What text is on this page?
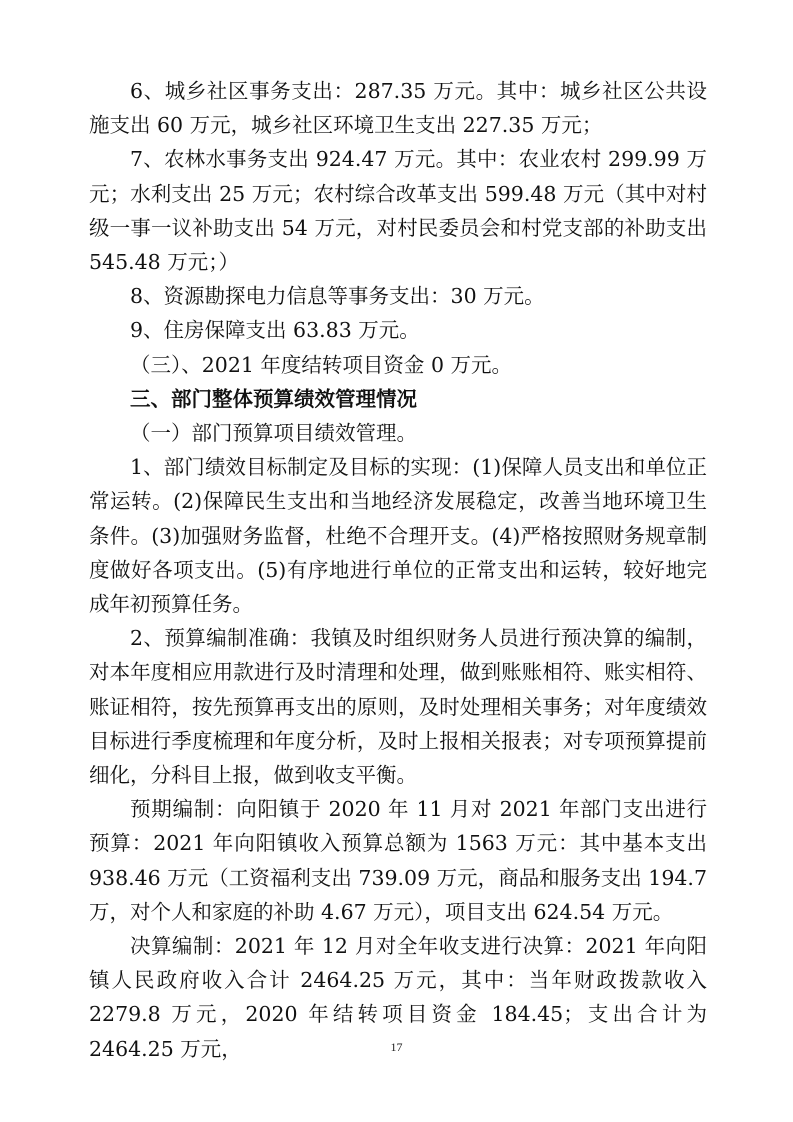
6、城乡社区事务支出：287.35 万元。其中：城乡社区公共设施支出 60 万元，城乡社区环境卫生支出 227.35 万元；

7、农林水事务支出 924.47 万元。其中：农业农村 299.99 万元；水利支出 25 万元；农村综合改革支出 599.48 万元（其中对村级一事一议补助支出 54 万元，对村民委员会和村党支部的补助支出 545.48 万元；）

8、资源勘探电力信息等事务支出：30 万元。

9、住房保障支出 63.83 万元。

（三）、2021 年度结转项目资金 0 万元。

三、部门整体预算绩效管理情况

（一）部门预算项目绩效管理。

1、部门绩效目标制定及目标的实现：(1)保障人员支出和单位正常运转。(2)保障民生支出和当地经济发展稳定，改善当地环境卫生条件。(3)加强财务监督，杜绝不合理开支。(4)严格按照财务规章制度做好各项支出。(5)有序地进行单位的正常支出和运转，较好地完成年初预算任务。

2、预算编制准确：我镇及时组织财务人员进行预决算的编制，对本年度相应用款进行及时清理和处理，做到账账相符、账实相符、账证相符，按先预算再支出的原则，及时处理相关事务；对年度绩效目标进行季度梳理和年度分析，及时上报相关报表；对专项预算提前细化，分科目上报，做到收支平衡。

预期编制：向阳镇于 2020 年 11 月对 2021 年部门支出进行预算：2021 年向阳镇收入预算总额为 1563 万元：其中基本支出 938.46 万元（工资福利支出 739.09 万元，商品和服务支出 194.7 万，对个人和家庭的补助 4.67 万元），项目支出 624.54 万元。

决算编制：2021 年 12 月对全年收支进行决算：2021 年向阳镇人民政府收入合计 2464.25 万元，其中：当年财政拨款收入 2279.8 万元，2020 年结转项目资金 184.45；支出合计为 2464.25 万元，	17
